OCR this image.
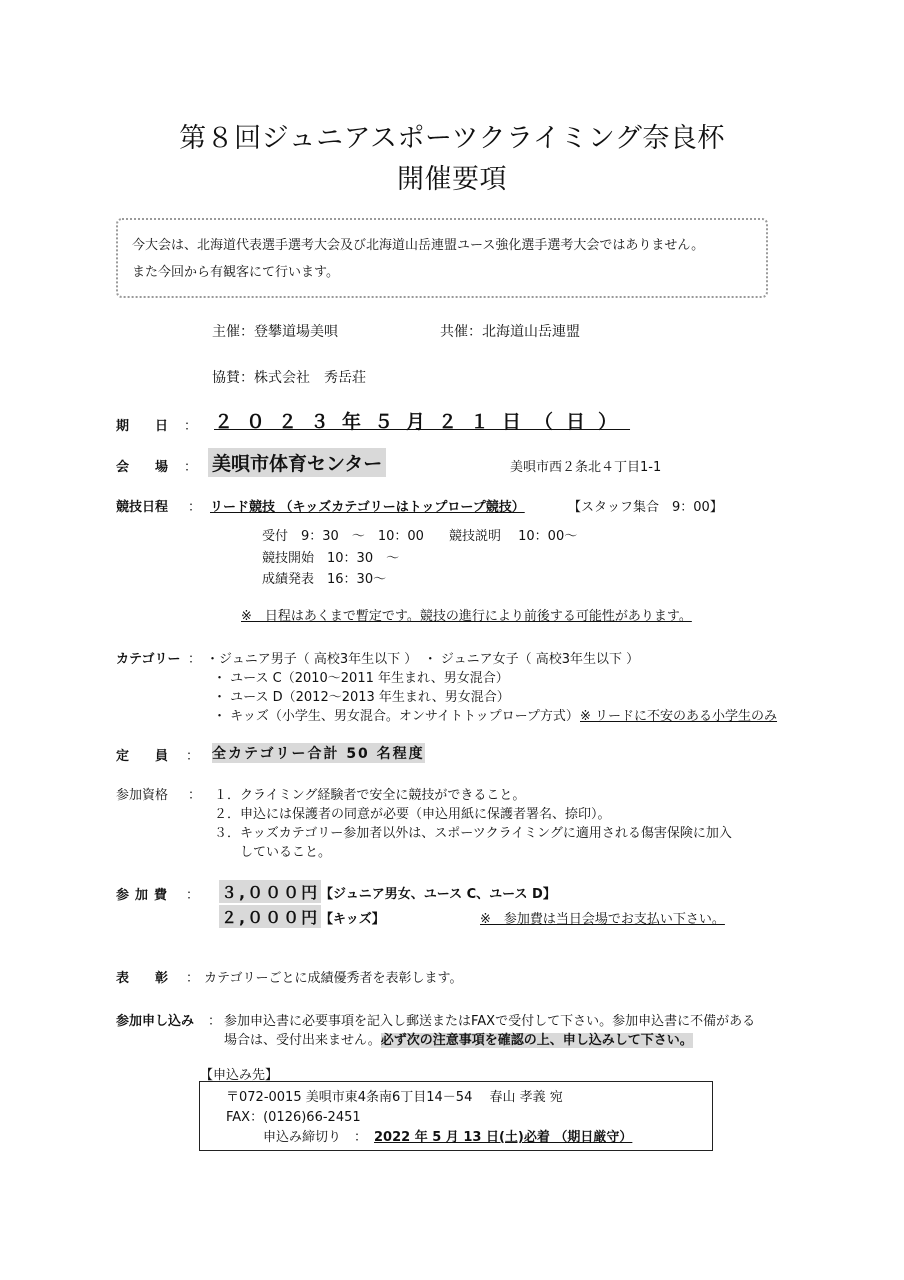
第８回ジュニアスポーツクライミング奈良杯
開催要項
今大会は、北海道代表選手選考大会及び北海道山岳連盟ユース強化選手選考大会ではありません。
また今回から有観客にて行います。
主催：登攀道場美唄	共催：北海道山岳連盟
協賛：株式会社　秀岳荘
期　　日 ： ２０２３年５月２１日（日）
会　　場 ： 美唄市体育センター	美唄市西２条北４丁目1-1
競技日程 ： リード競技 （キッズカテゴリーはトップロープ競技）	【スタッフ集合　9：00】
受付　9：30　～　10：00 競技説明　 10：00～
競技開始　10：30　～
成績発表　16：30～
※　日程はあくまで暫定です。競技の進行により前後する可能性があります。
カテゴリー ： ・ジュニア男子（ 高校3年生以下 ）　・ ジュニア女子（ 高校3年生以下 ）
・ ユース C（2010～2011 年生まれ、男女混合）
・ ユース D（2012～2013 年生まれ、男女混合）
・ キッズ（小学生、男女混合。オンサイトトップロープ方式） ※ リードに不安のある小学生のみ
定　　員 ： 全カテゴリー合計 50 名程度
参加資格 ： １．クライミング経験者で安全に競技ができること。
２．申込には保護者の同意が必要（申込用紙に保護者署名、捺印）。
３．キッズカテゴリー参加者以外は、スポーツクライミングに適用される傷害保険に加入
　　していること。
参加費 ： ３,０００円 【ジュニア男女、ユース C、ユース D】
２,０００円 【キッズ】	※　参加費は当日会場でお支払い下さい。
表　　彰 ： カテゴリーごとに成績優秀者を表彰します。
参加申し込み ： 参加申込書に必要事項を記入し郵送またはFAXで受付して下さい。参加申込書に不備がある
場合は、受付出来ません。必ず次の注意事項を確認の上、申し込みして下さい。
【申込み先】
〒072-0015 美唄市東4条南6丁目14－54　 春山 孝義 宛
FAX：(0126)66-2451
申込み締切り　： 2022 年 5 月 13 日(土)必着 （期日厳守）
